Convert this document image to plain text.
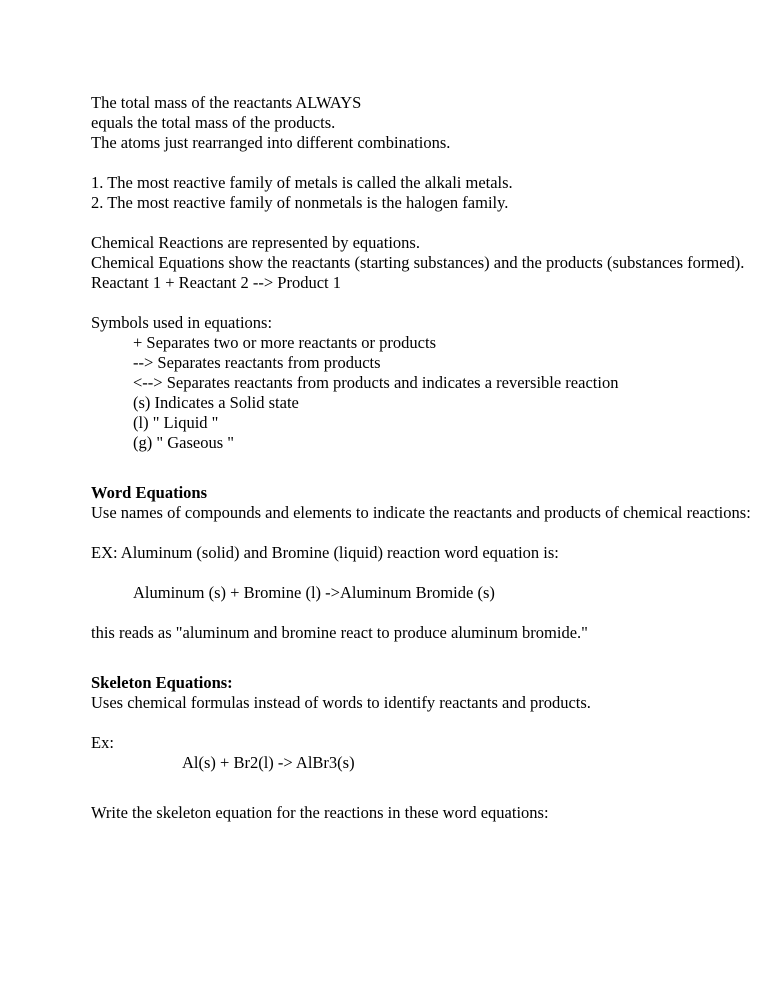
The total mass of the reactants ALWAYS
equals the total mass of the products.
The atoms just rearranged into different combinations.
1. The most reactive family of metals is called the alkali metals.
2. The most reactive family of nonmetals is the halogen family.
Chemical Reactions are represented by equations.
Chemical Equations show the reactants (starting substances) and the products (substances formed).
Reactant 1 + Reactant 2 --> Product 1
Symbols used in equations:
+ Separates two or more reactants or products
--> Separates reactants from products
<--> Separates reactants from products and indicates a reversible reaction
(s) Indicates a Solid state
(l) " Liquid "
(g) " Gaseous "
Word Equations
Use names of compounds and elements to indicate the reactants and products of chemical reactions:
EX: Aluminum (solid) and Bromine (liquid) reaction word equation is:
Aluminum (s) + Bromine (l) ->Aluminum Bromide (s)
this reads as "aluminum and bromine react to produce aluminum bromide."
Skeleton Equations:
Uses chemical formulas instead of words to identify reactants and products.
Ex:
Al(s) + Br2(l) -> AlBr3(s)
Write the skeleton equation for the reactions in these word equations:
